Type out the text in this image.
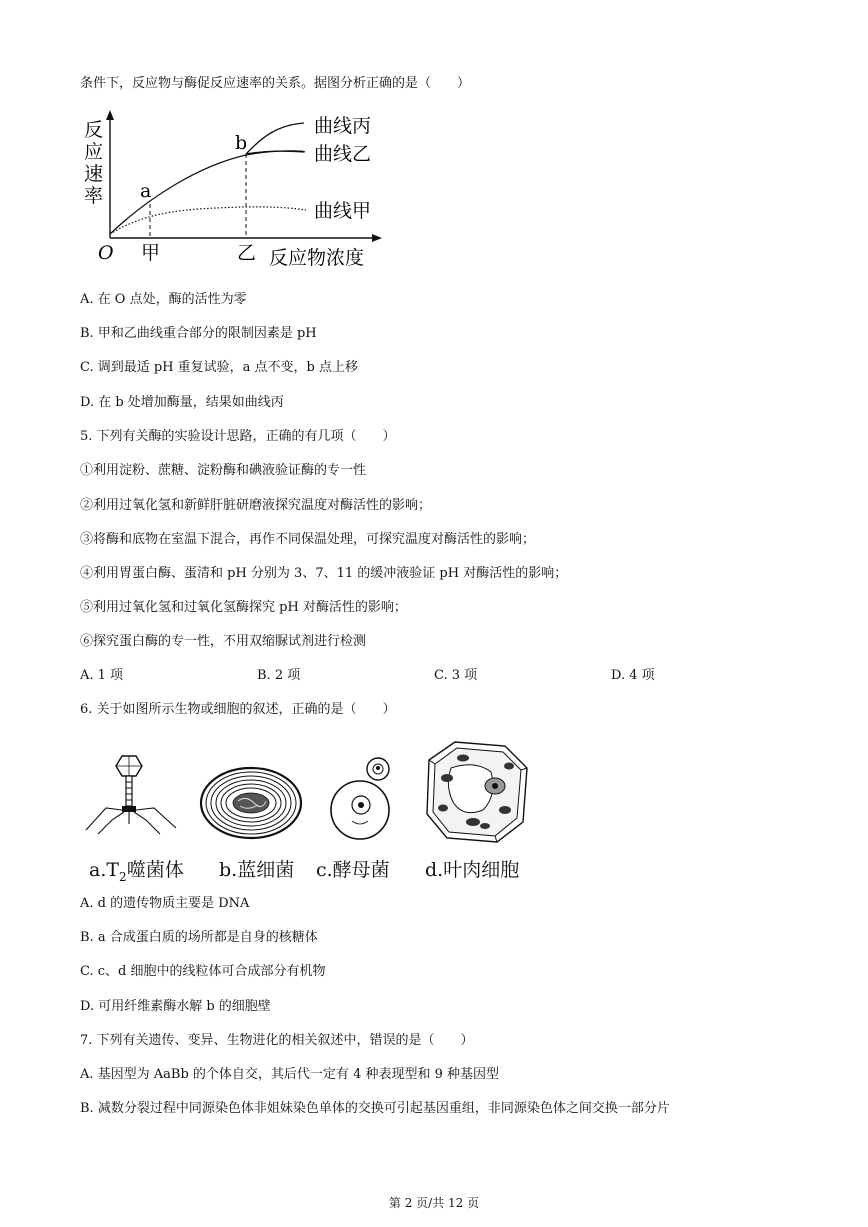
条件下，反应物与酶促反应速率的关系。据图分析正确的是（　　）
反
应
速
率 a
b
曲线丙
曲线乙
曲线甲
O 甲	乙 反应物浓度
A. 在 O 点处，酶的活性为零
B. 甲和乙曲线重合部分的限制因素是 pH
C. 调到最适 pH 重复试验，a 点不变，b 点上移
D. 在 b 处增加酶量，结果如曲线丙
5. 下列有关酶的实验设计思路，正确的有几项（　　）
①利用淀粉、蔗糖、淀粉酶和碘液验证酶的专一性
②利用过氧化氢和新鲜肝脏研磨液探究温度对酶活性的影响；
③将酶和底物在室温下混合，再作不同保温处理，可探究温度对酶活性的影响；
④利用胃蛋白酶、蛋清和 pH 分别为 3、7、11 的缓冲液验证 pH 对酶活性的影响；
⑤利用过氧化氢和过氧化氢酶探究 pH 对酶活性的影响；
⑥探究蛋白酶的专一性，不用双缩脲试剂进行检测
A. 1 项	B. 2 项	C. 3 项	D. 4 项
6. 关于如图所示生物或细胞的叙述，正确的是（　　）
$a.T_2$噬菌体 b.蓝细菌 c.酵母菌 d.叶肉细胞
A. d 的遗传物质主要是 DNA
B. a 合成蛋白质的场所都是自身的核糖体
C. c、d 细胞中的线粒体可合成部分有机物
D. 可用纤维素酶水解 b 的细胞壁
7. 下列有关遗传、变异、生物进化的相关叙述中，错误的是（　　）
A. 基因型为 AaBb 的个体自交，其后代一定有 4 种表现型和 9 种基因型
B. 减数分裂过程中同源染色体非姐妹染色单体的交换可引起基因重组，非同源染色体之间交换一部分片
第 2 页/共 12 页
